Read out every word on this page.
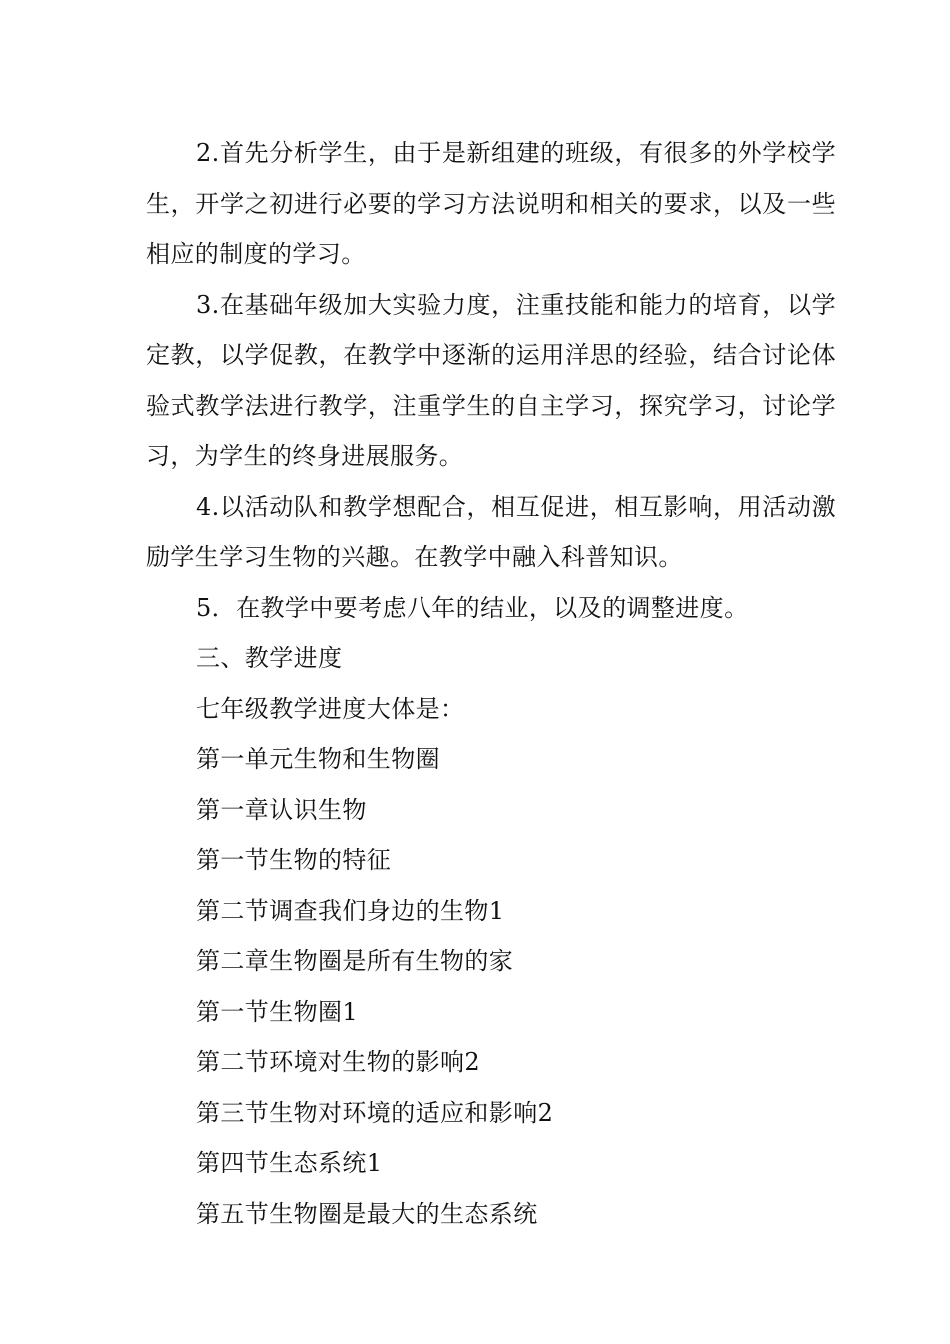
2.首先分析学生，由于是新组建的班级，有很多的外学校学生，开学之初进行必要的学习方法说明和相关的要求，以及一些相应的制度的学习。

3.在基础年级加大实验力度，注重技能和能力的培育，以学定教，以学促教，在教学中逐渐的运用洋思的经验，结合讨论体验式教学法进行教学，注重学生的自主学习，探究学习，讨论学习，为学生的终身进展服务。

4.以活动队和教学想配合，相互促进，相互影响，用活动激励学生学习生物的兴趣。在教学中融入科普知识。

5．在教学中要考虑八年的结业，以及的调整进度。

三、教学进度

七年级教学进度大体是：

第一单元生物和生物圈

第一章认识生物

第一节生物的特征

第二节调查我们身边的生物1

第二章生物圈是所有生物的家

第一节生物圈1

第二节环境对生物的影响2

第三节生物对环境的适应和影响2

第四节生态系统1

第五节生物圈是最大的生态系统
